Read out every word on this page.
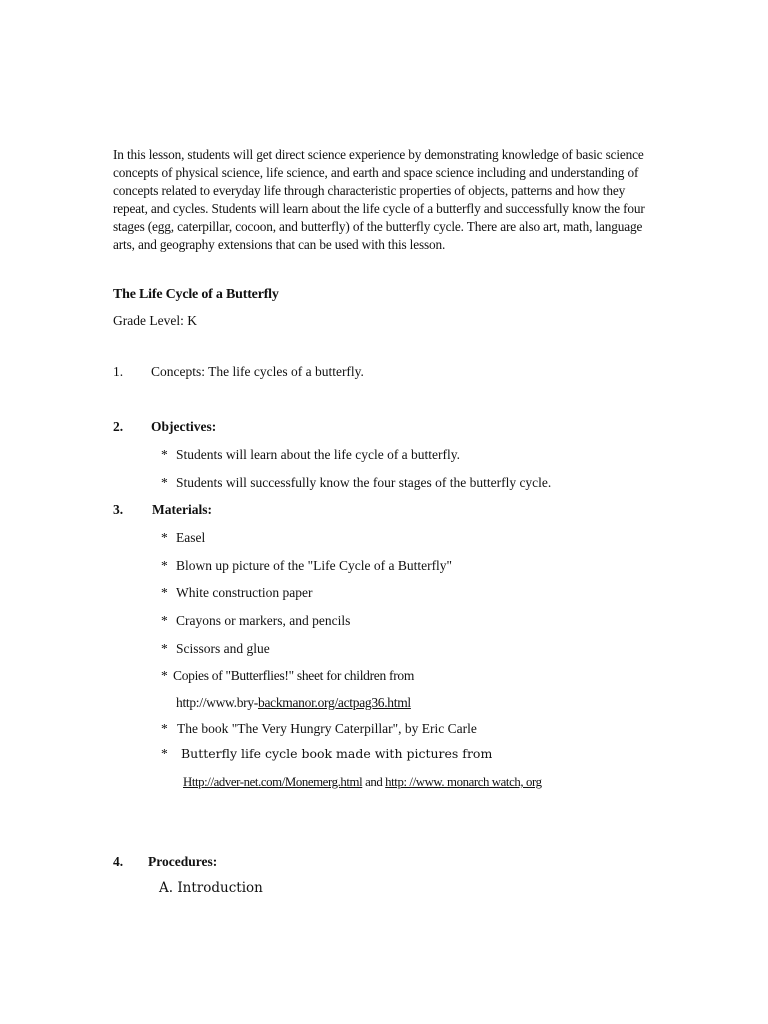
In this lesson, students will get direct science experience by demonstrating knowledge of basic science concepts of physical science, life science, and earth and space science including and understanding of concepts related to everyday life through characteristic properties of objects, patterns and how they repeat, and cycles. Students will learn about the life cycle of a butterfly and successfully know the four stages (egg, caterpillar, cocoon, and butterfly) of the butterfly cycle. There are also art, math, language arts, and geography extensions that can be used with this lesson.
The Life Cycle of a Butterfly
Grade Level: K
1. Concepts: The life cycles of a butterfly.
2. Objectives:
* Students will learn about the life cycle of a butterfly.
* Students will successfully know the four stages of the butterfly cycle.
3. Materials:
* Easel
* Blown up picture of the "Life Cycle of a Butterfly"
* White construction paper
* Crayons or markers, and pencils
* Scissors and glue
* Copies of "Butterflies!" sheet for children from
http://www.bry-backmanor.org/actpag36.html
* The book "The Very Hungry Caterpillar", by Eric Carle
* Butterfly life cycle book made with pictures from
Http://adver-net.com/Monemerg.html and http: //www. monarch watch, org
4. Procedures:
A. Introduction
